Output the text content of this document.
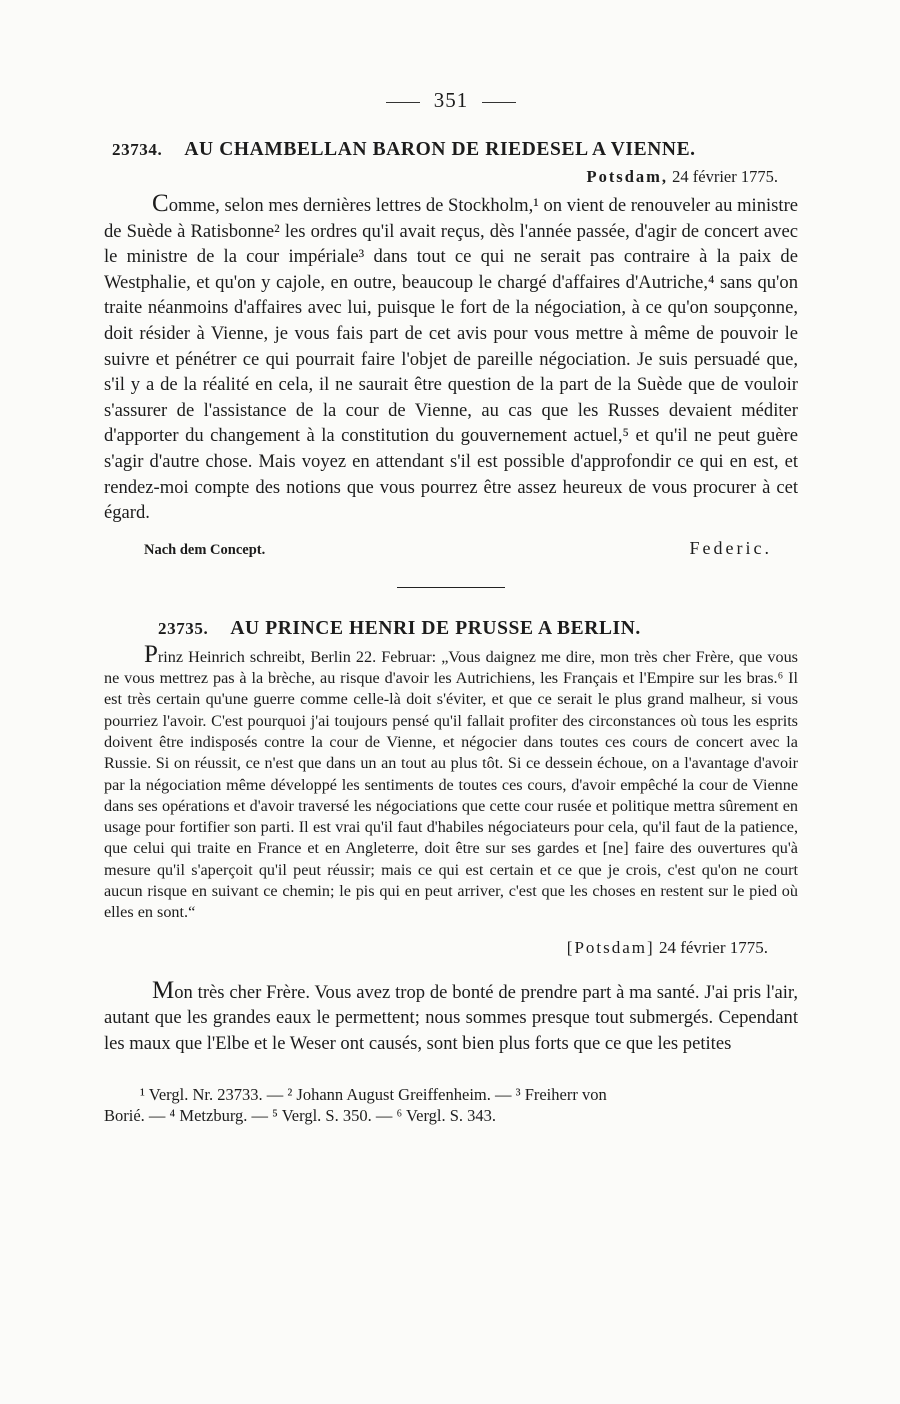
351
23734. AU CHAMBELLAN BARON DE RIEDESEL A VIENNE.
Potsdam, 24 février 1775.

Comme, selon mes dernières lettres de Stockholm,¹ on vient de renouveler au ministre de Suède à Ratisbonne² les ordres qu'il avait reçus, dès l'année passée, d'agir de concert avec le ministre de la cour impériale³ dans tout ce qui ne serait pas contraire à la paix de Westphalie, et qu'on y cajole, en outre, beaucoup le chargé d'affaires d'Autriche,⁴ sans qu'on traite néanmoins d'affaires avec lui, puisque le fort de la négociation, à ce qu'on soupçonne, doit résider à Vienne, je vous fais part de cet avis pour vous mettre à même de pouvoir le suivre et pénétrer ce qui pourrait faire l'objet de pareille négociation. Je suis persuadé que, s'il y a de la réalité en cela, il ne saurait être question de la part de la Suède que de vouloir s'assurer de l'assistance de la cour de Vienne, au cas que les Russes devaient méditer d'apporter du changement à la constitution du gouvernement actuel,⁵ et qu'il ne peut guère s'agir d'autre chose. Mais voyez en attendant s'il est possible d'approfondir ce qui en est, et rendez-moi compte des notions que vous pourrez être assez heureux de vous procurer à cet égard.

Nach dem Concept.	Federic.
23735. AU PRINCE HENRI DE PRUSSE A BERLIN.

Prinz Heinrich schreibt, Berlin 22. Februar: „Vous daignez me dire, mon très cher Frère, que vous ne vous mettrez pas à la brèche, au risque d'avoir les Autrichiens, les Français et l'Empire sur les bras.⁶ Il est très certain qu'une guerre comme celle-là doit s'éviter, et que ce serait le plus grand malheur, si vous pourriez l'avoir. C'est pourquoi j'ai toujours pensé qu'il fallait profiter des circonstances où tous les esprits doivent être indisposés contre la cour de Vienne, et négocier dans toutes ces cours de concert avec la Russie. Si on réussit, ce n'est que dans un an tout au plus tôt. Si ce dessein échoue, on a l'avantage d'avoir par la négociation même développé les sentiments de toutes ces cours, d'avoir empêché la cour de Vienne dans ses opérations et d'avoir traversé les négociations que cette cour rusée et politique mettra sûrement en usage pour fortifier son parti. Il est vrai qu'il faut d'habiles négociateurs pour cela, qu'il faut de la patience, que celui qui traite en France et en Angleterre, doit être sur ses gardes et [ne] faire des ouvertures qu'à mesure qu'il s'aperçoit qu'il peut réussir; mais ce qui est certain et ce que je crois, c'est qu'on ne court aucun risque en suivant ce chemin; le pis qui en peut arriver, c'est que les choses en restent sur le pied où elles en sont.“

[Potsdam] 24 février 1775.

Mon très cher Frère. Vous avez trop de bonté de prendre part à ma santé. J'ai pris l'air, autant que les grandes eaux le permettent; nous sommes presque tout submergés. Cependant les maux que l'Elbe et le Weser ont causés, sont bien plus forts que ce que les petites

¹ Vergl. Nr. 23733. — ² Johann August Greiffenheim. — ³ Freiherr von
Borié. — ⁴ Metzburg. — ⁵ Vergl. S. 350. — ⁶ Vergl. S. 343.
